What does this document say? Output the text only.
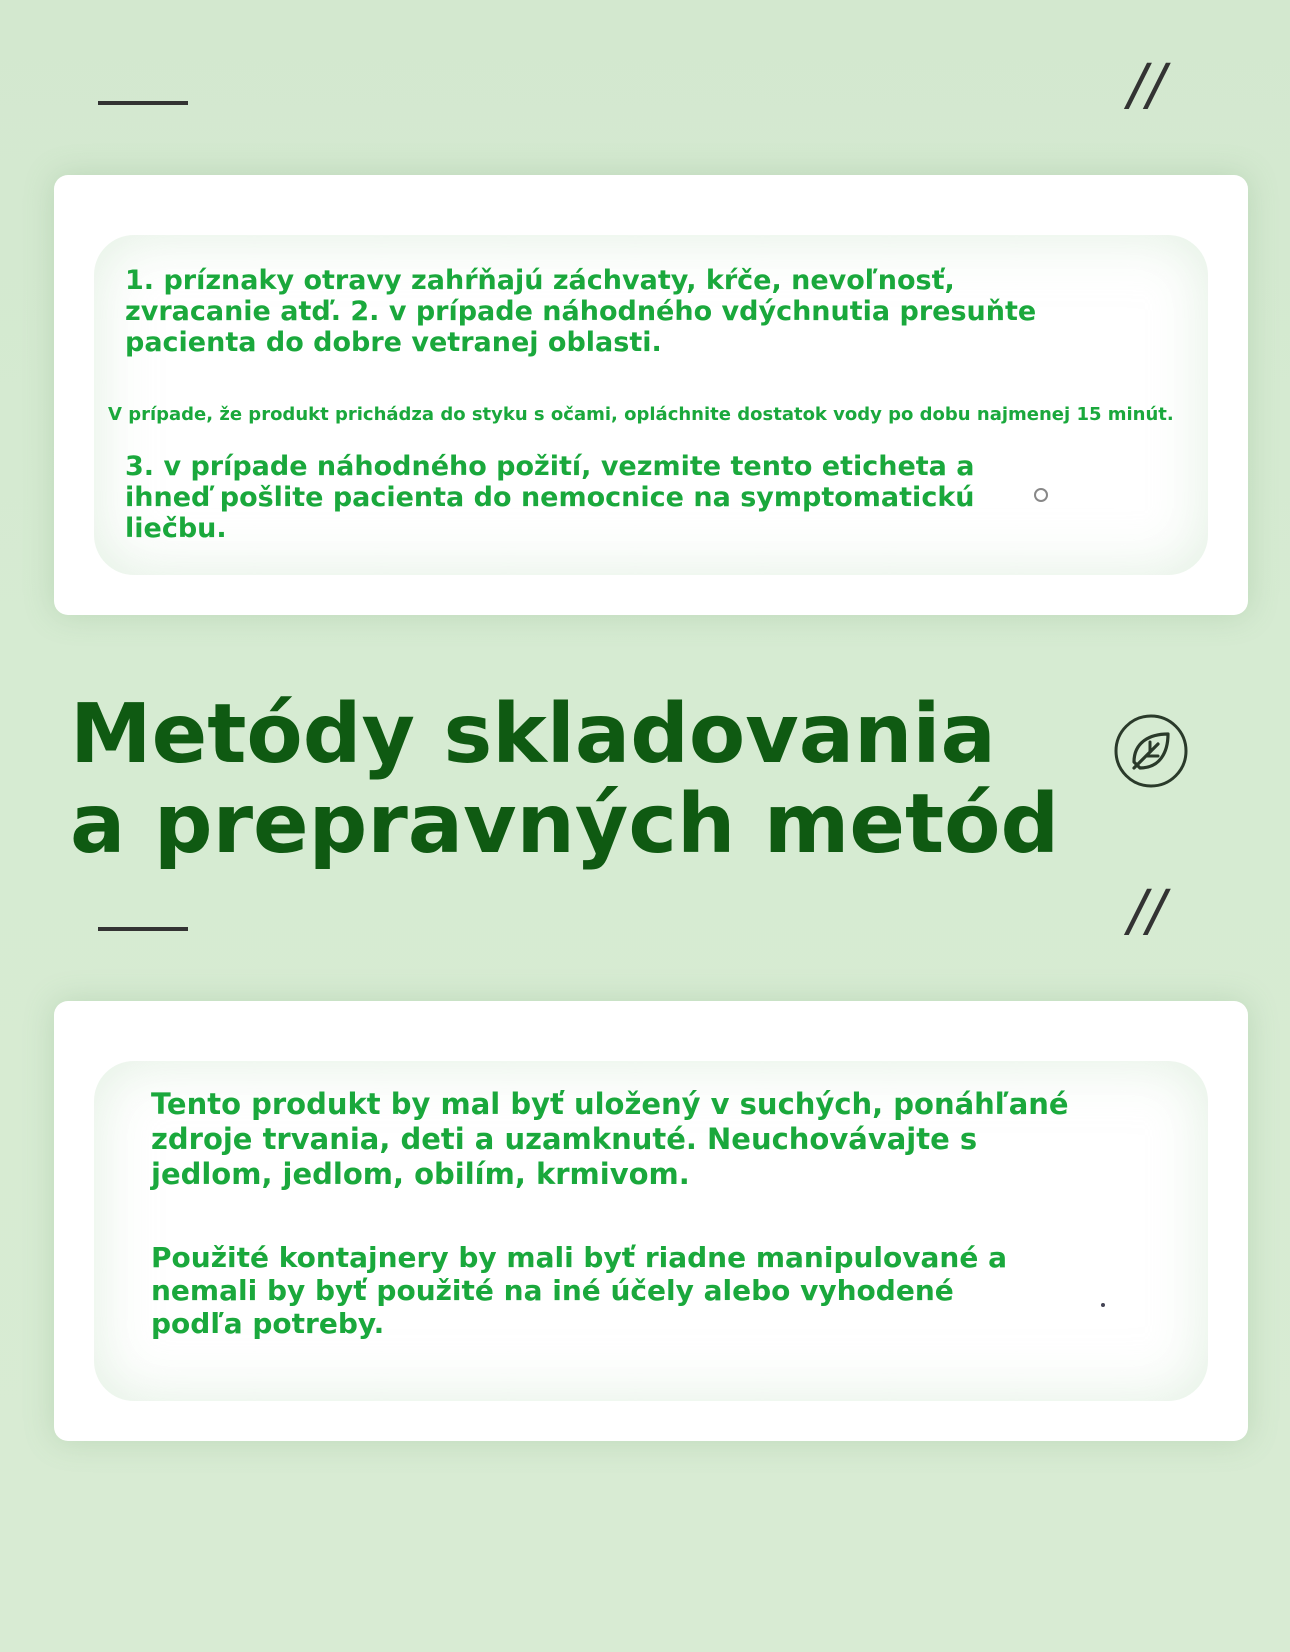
//
1. príznaky otravy zahŕňajú záchvaty, kŕče, nevoľnosť, zvracanie atď. 2. v prípade náhodného vdýchnutia presuňte pacienta do dobre vetranej oblasti.
V prípade, že produkt prichádza do styku s očami, opláchnite dostatok vody po dobu najmenej 15 minút.
3. v prípade náhodného požití, vezmite tento eticheta a ihneď pošlite pacienta do nemocnice na symptomatickú liečbu.
Metódy skladovania a prepravných metód
//
Tento produkt by mal byť uložený v suchých, ponáhľané zdroje trvania, deti a uzamknuté. Neuchovávajte s jedlom, jedlom, obilím, krmivom.
Použité kontajnery by mali byť riadne manipulované a nemali by byť použité na iné účely alebo vyhodené podľa potreby.
